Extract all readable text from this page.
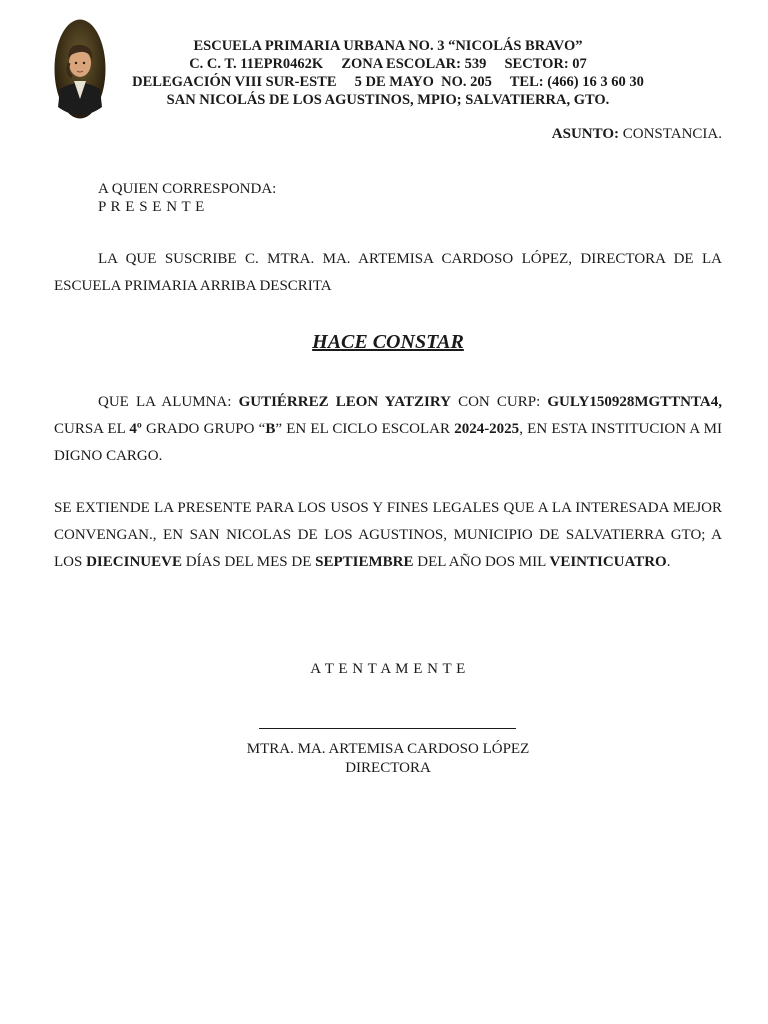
ESCUELA PRIMARIA URBANA NO. 3 “NICOLÁS BRAVO”
C. C. T. 11EPR0462K     ZONA ESCOLAR: 539     SECTOR: 07
DELEGACIÓN VIII SUR-ESTE     5 DE MAYO  NO. 205     TEL: (466) 16 3 60 30
SAN NICOLÁS DE LOS AGUSTINOS, MPIO; SALVATIERRA, GTO.
ASUNTO: CONSTANCIA.
A QUIEN CORRESPONDA:
P R E S E N T E
LA QUE SUSCRIBE C. MTRA. MA. ARTEMISA CARDOSO LÓPEZ, DIRECTORA DE LA ESCUELA PRIMARIA ARRIBA DESCRITA
HACE CONSTAR
QUE LA ALUMNA: GUTIÉRREZ LEON YATZIRY CON CURP: GULY150928MGTTNTA4, CURSA EL 4º GRADO GRUPO “B” EN EL CICLO ESCOLAR 2024-2025, EN ESTA INSTITUCION A MI DIGNO CARGO.
SE EXTIENDE LA PRESENTE PARA LOS USOS Y FINES LEGALES QUE A LA INTERESADA MEJOR CONVENGAN., EN SAN NICOLAS DE LOS AGUSTINOS, MUNICIPIO DE SALVATIERRA GTO; A LOS DIECINUEVE DÍAS DEL MES DE SEPTIEMBRE DEL AÑO DOS MIL VEINTICUATRO.
A T E N T A M E N T E
MTRA. MA. ARTEMISA CARDOSO LÓPEZ
DIRECTORA
